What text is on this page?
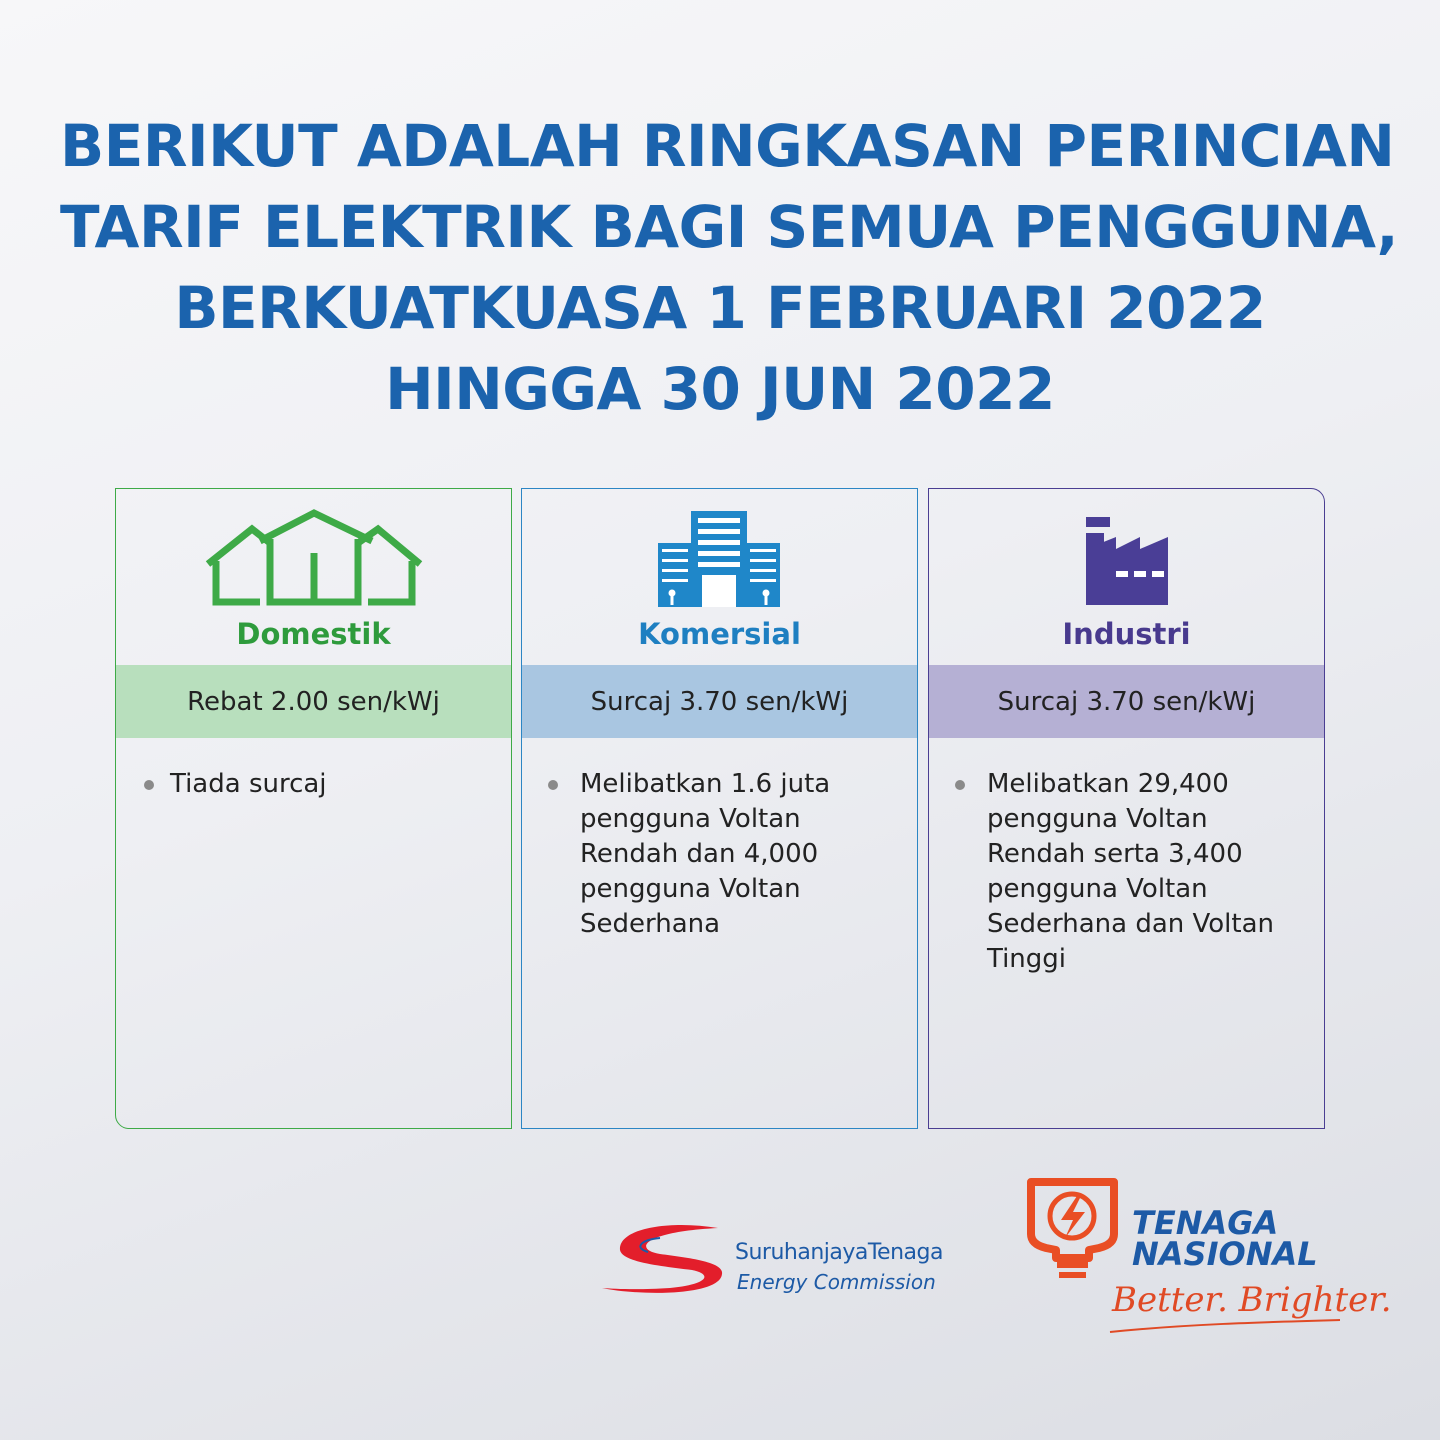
BERIKUT ADALAH RINGKASAN PERINCIAN
TARIF ELEKTRIK BAGI SEMUA PENGGUNA,
BERKUATKUASA 1 FEBRUARI 2022
HINGGA 30 JUN 2022
Domestik
Rebat 2.00 sen/kWj
Tiada surcaj
Komersial
Surcaj 3.70 sen/kWj
Melibatkan 1.6 juta pengguna Voltan Rendah dan 4,000 pengguna Voltan Sederhana
Industri
Surcaj 3.70 sen/kWj
Melibatkan 29,400 pengguna Voltan Rendah serta 3,400 pengguna Voltan Sederhana dan Voltan Tinggi
SuruhanjayaTenaga
Energy Commission
TENAGA
NASIONAL
Better. Brighter.
